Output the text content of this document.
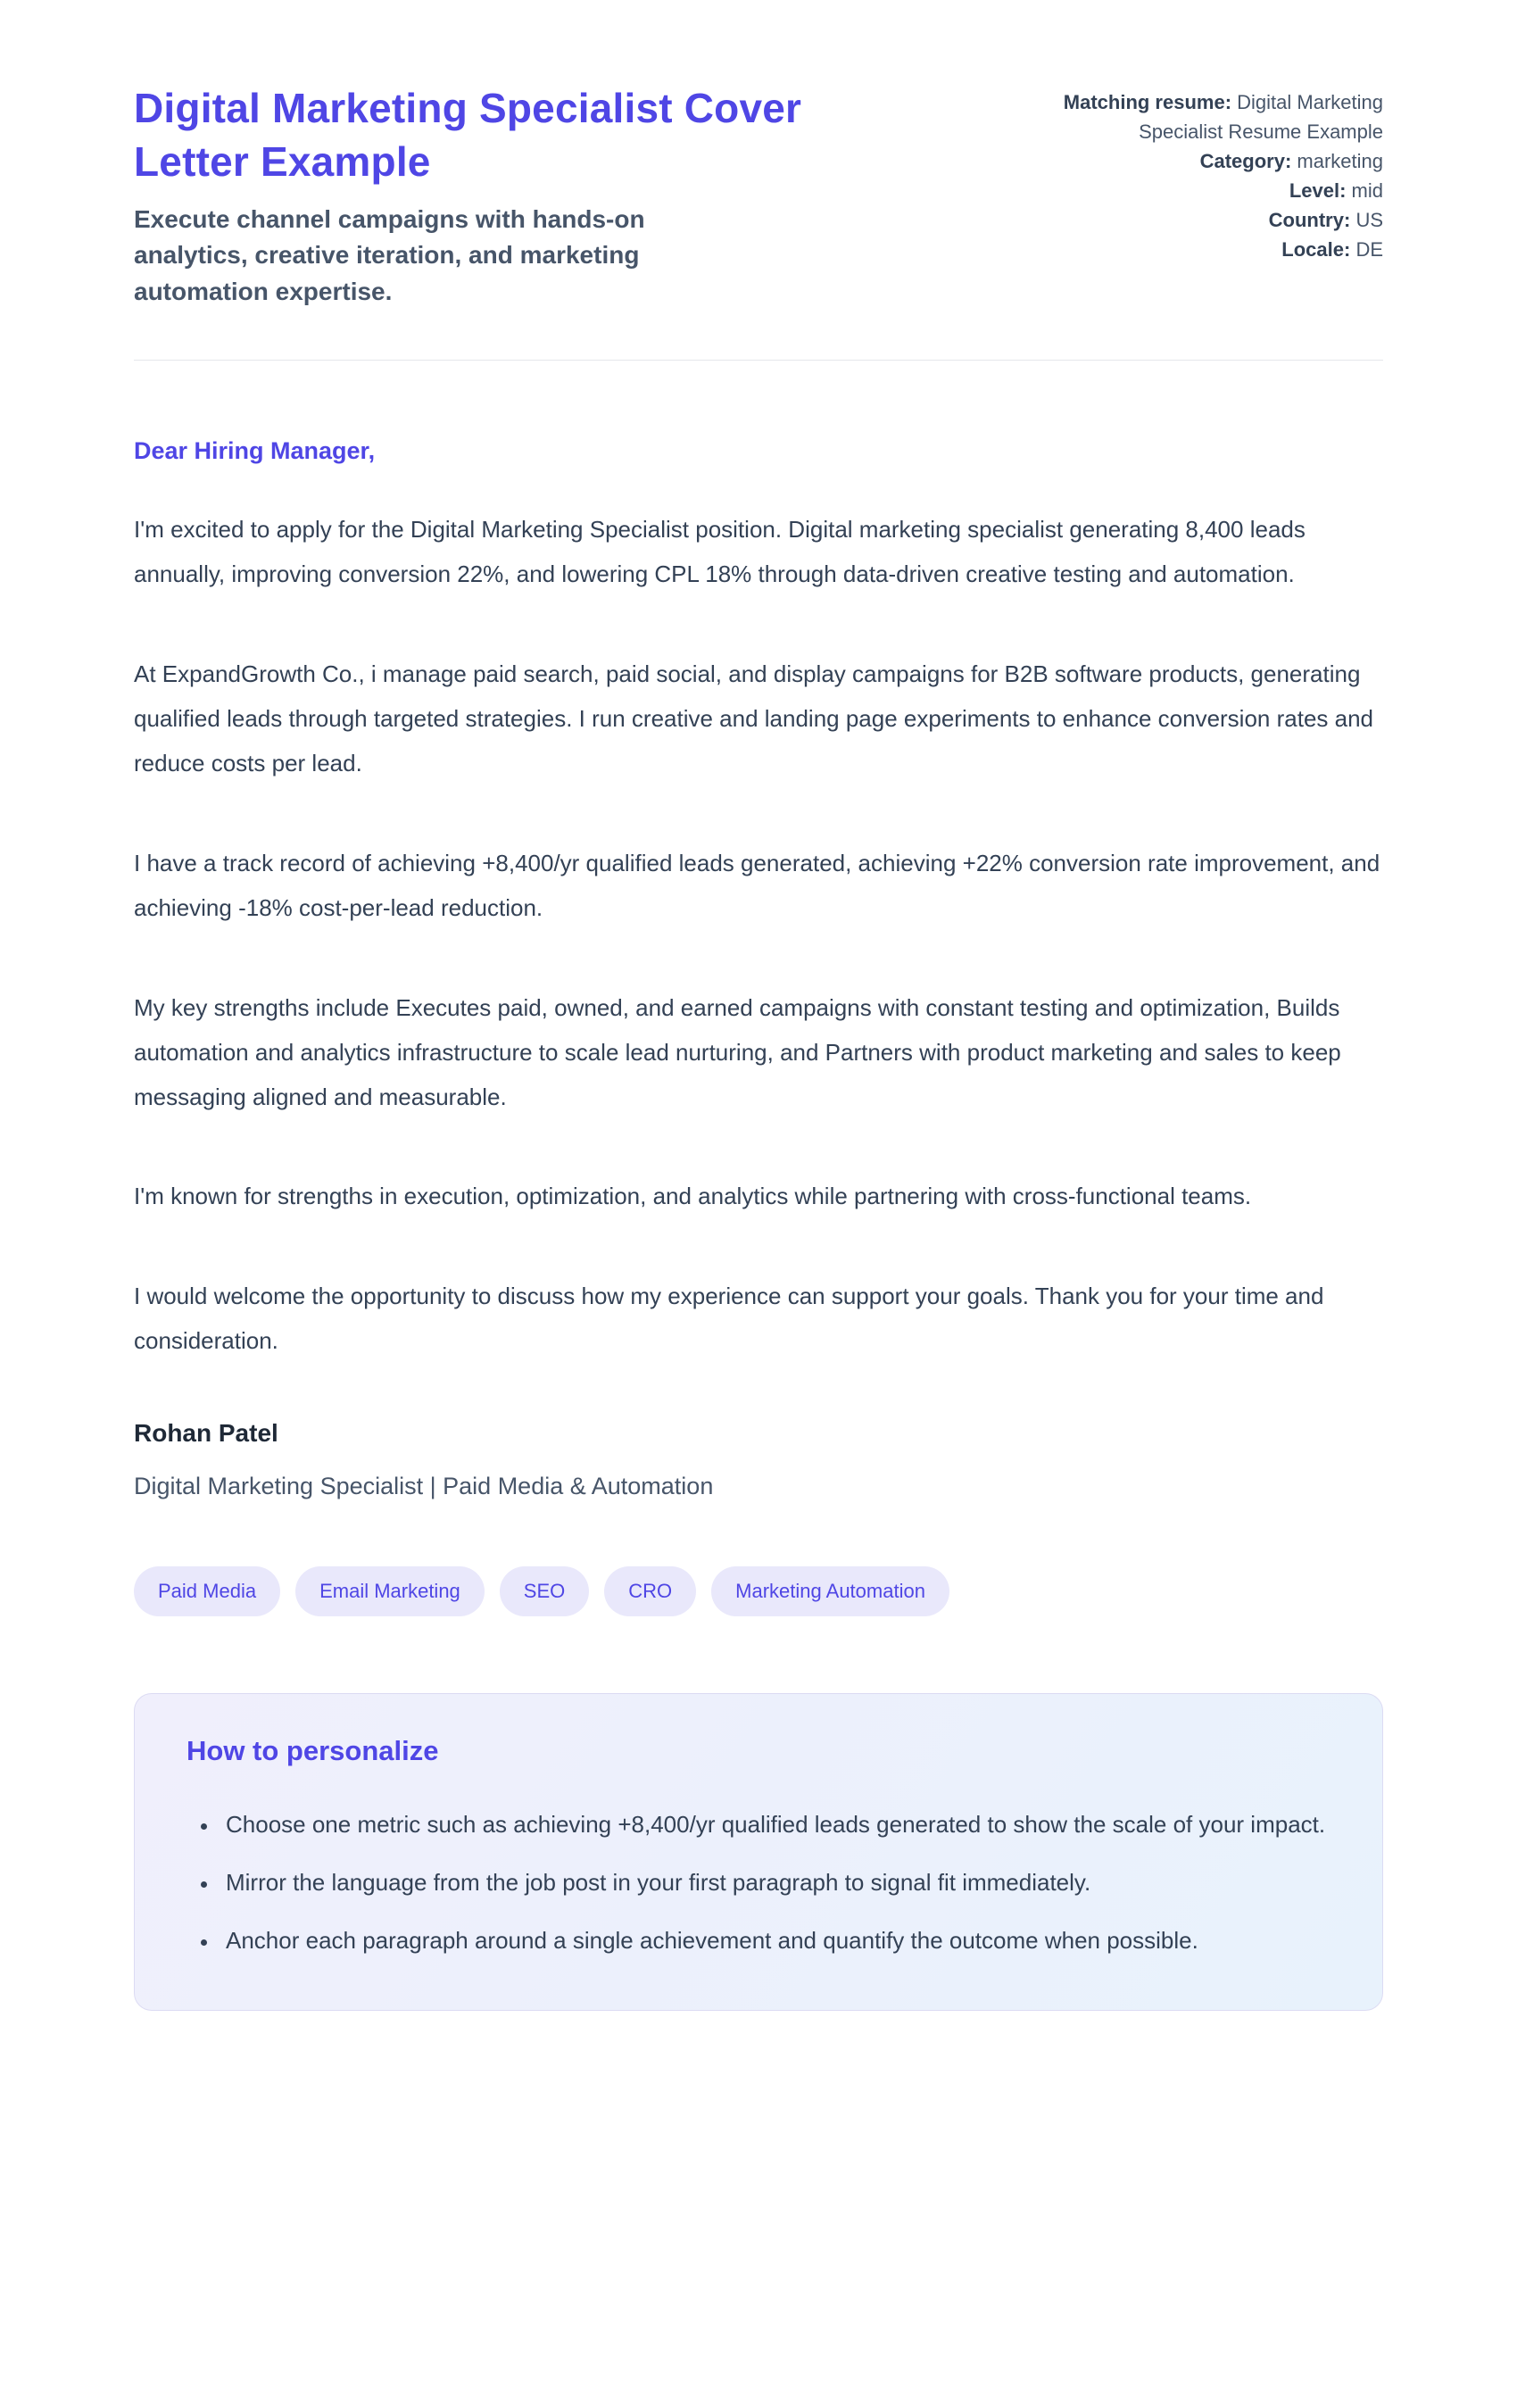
Digital Marketing Specialist Cover Letter Example

Execute channel campaigns with hands-on analytics, creative iteration, and marketing automation expertise.

Matching resume: Digital Marketing Specialist Resume Example
Category: marketing
Level: mid
Country: US
Locale: DE

Dear Hiring Manager,

I'm excited to apply for the Digital Marketing Specialist position. Digital marketing specialist generating 8,400 leads annually, improving conversion 22%, and lowering CPL 18% through data-driven creative testing and automation.

At ExpandGrowth Co., i manage paid search, paid social, and display campaigns for B2B software products, generating qualified leads through targeted strategies. I run creative and landing page experiments to enhance conversion rates and reduce costs per lead.

I have a track record of achieving +8,400/yr qualified leads generated, achieving +22% conversion rate improvement, and achieving -18% cost-per-lead reduction.

My key strengths include Executes paid, owned, and earned campaigns with constant testing and optimization, Builds automation and analytics infrastructure to scale lead nurturing, and Partners with product marketing and sales to keep messaging aligned and measurable.

I'm known for strengths in execution, optimization, and analytics while partnering with cross-functional teams.

I would welcome the opportunity to discuss how my experience can support your goals. Thank you for your time and consideration.

Rohan Patel

Digital Marketing Specialist | Paid Media & Automation

Paid Media	Email Marketing	SEO	CRO	Marketing Automation
How to personalize
• Choose one metric such as achieving +8,400/yr qualified leads generated to show the scale of your impact.
• Mirror the language from the job post in your first paragraph to signal fit immediately.
• Anchor each paragraph around a single achievement and quantify the outcome when possible.
